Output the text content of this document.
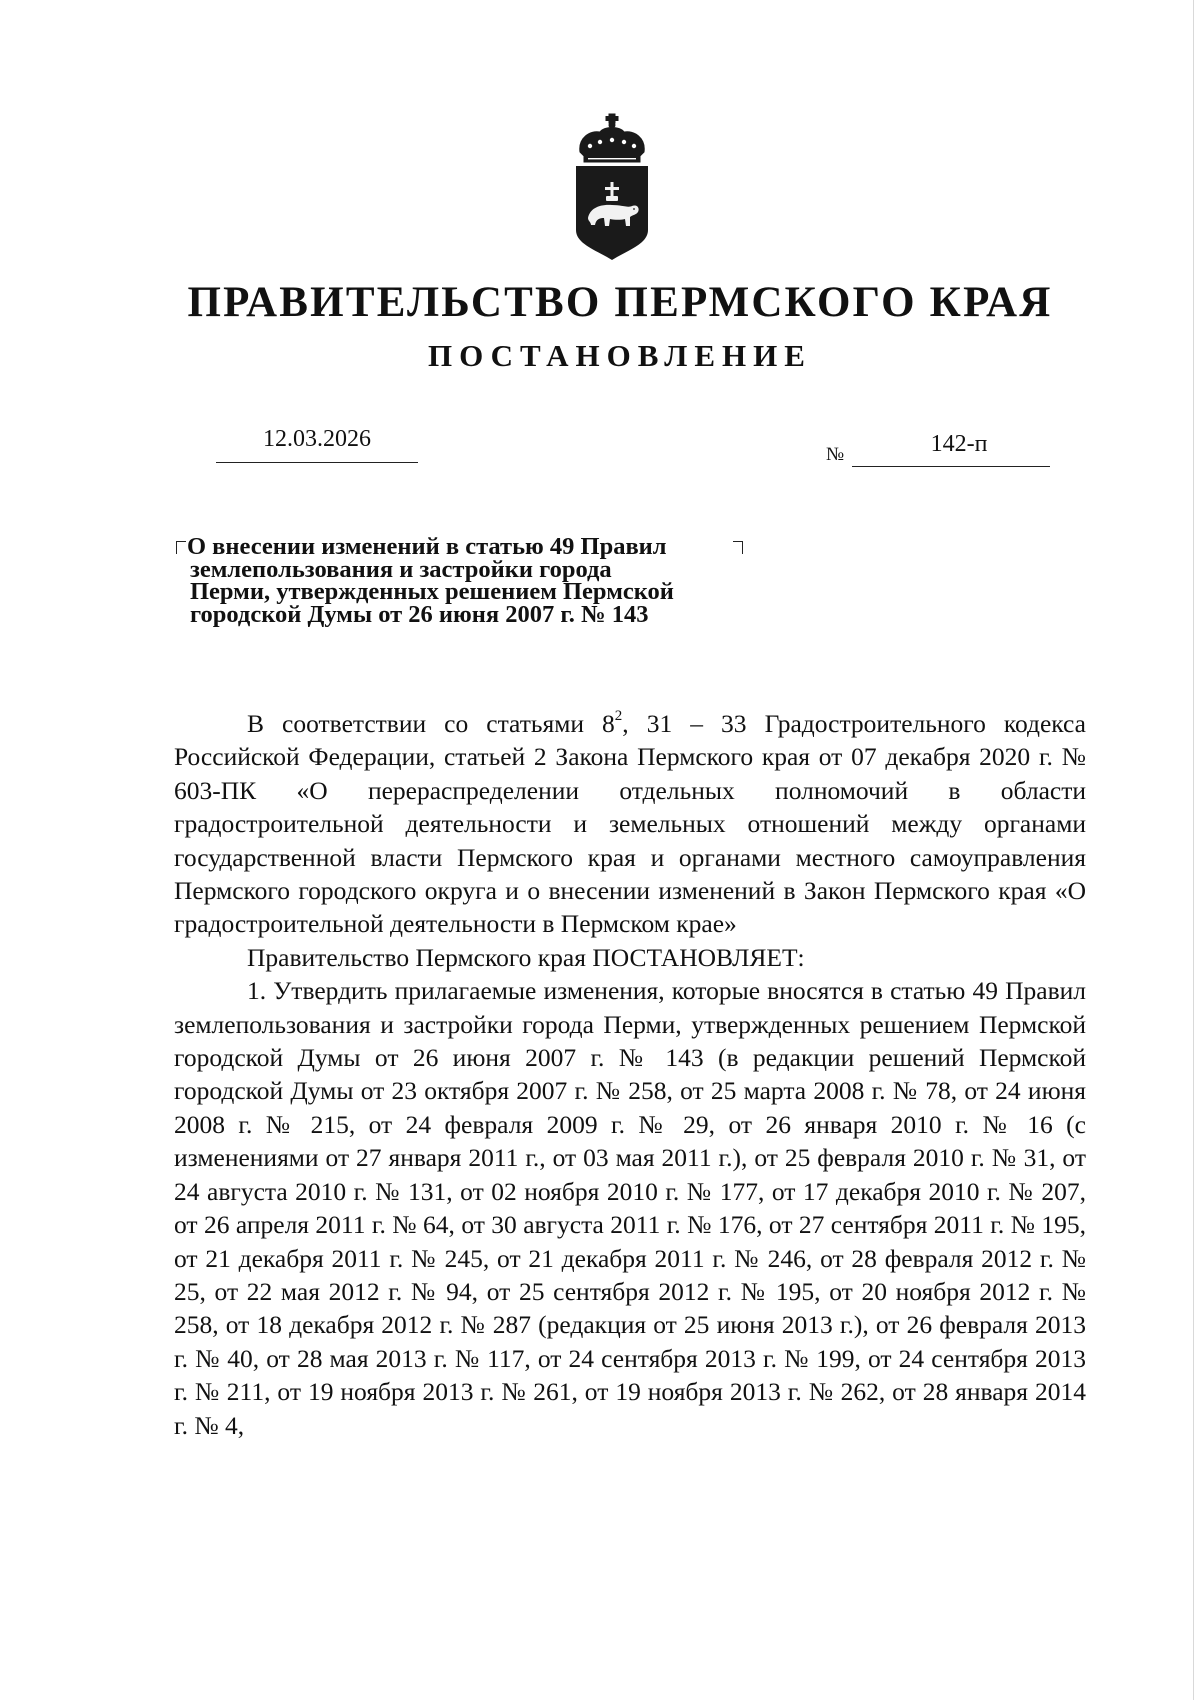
ПРАВИТЕЛЬСТВО ПЕРМСКОГО КРАЯ
ПОСТАНОВЛЕНИЕ
12.03.2026
№	142-п
О внесении изменений в статью 49 Правил
землепользования и застройки города
Перми, утвержденных решением Пермской
городской Думы от 26 июня 2007 г. № 143

В соответствии со статьями $8^2$, 31 – 33 Градостроительного кодекса Российской Федерации, статьей 2 Закона Пермского края от 07 декабря 2020 г. № 603-ПК «О перераспределении отдельных полномочий в области градостроительной деятельности и земельных отношений между органами государственной власти Пермского края и органами местного самоуправления Пермского городского округа и о внесении изменений в Закон Пермского края «О градостроительной деятельности в Пермском крае»

Правительство Пермского края ПОСТАНОВЛЯЕТ:

1. Утвердить прилагаемые изменения, которые вносятся в статью 49 Правил землепользования и застройки города Перми, утвержденных решением Пермской городской Думы от 26 июня 2007 г. № 143 (в редакции решений Пермской городской Думы от 23 октября 2007 г. № 258, от 25 марта 2008 г. № 78, от 24 июня 2008 г. № 215, от 24 февраля 2009 г. № 29, от 26 января 2010 г. № 16 (с изменениями от 27 января 2011 г., от 03 мая 2011 г.), от 25 февраля 2010 г. № 31, от 24 августа 2010 г. № 131, от 02 ноября 2010 г. № 177, от 17 декабря 2010 г. № 207, от 26 апреля 2011 г. № 64, от 30 августа 2011 г. № 176, от 27 сентября 2011 г. № 195, от 21 декабря 2011 г. № 245, от 21 декабря 2011 г. № 246, от 28 февраля 2012 г. № 25, от 22 мая 2012 г. № 94, от 25 сентября 2012 г. № 195, от 20 ноября 2012 г. № 258, от 18 декабря 2012 г. № 287 (редакция от 25 июня 2013 г.), от 26 февраля 2013 г. № 40, от 28 мая 2013 г. № 117, от 24 сентября 2013 г. № 199, от 24 сентября 2013 г. № 211, от 19 ноября 2013 г. № 261, от 19 ноября 2013 г. № 262, от 28 января 2014 г. № 4,
